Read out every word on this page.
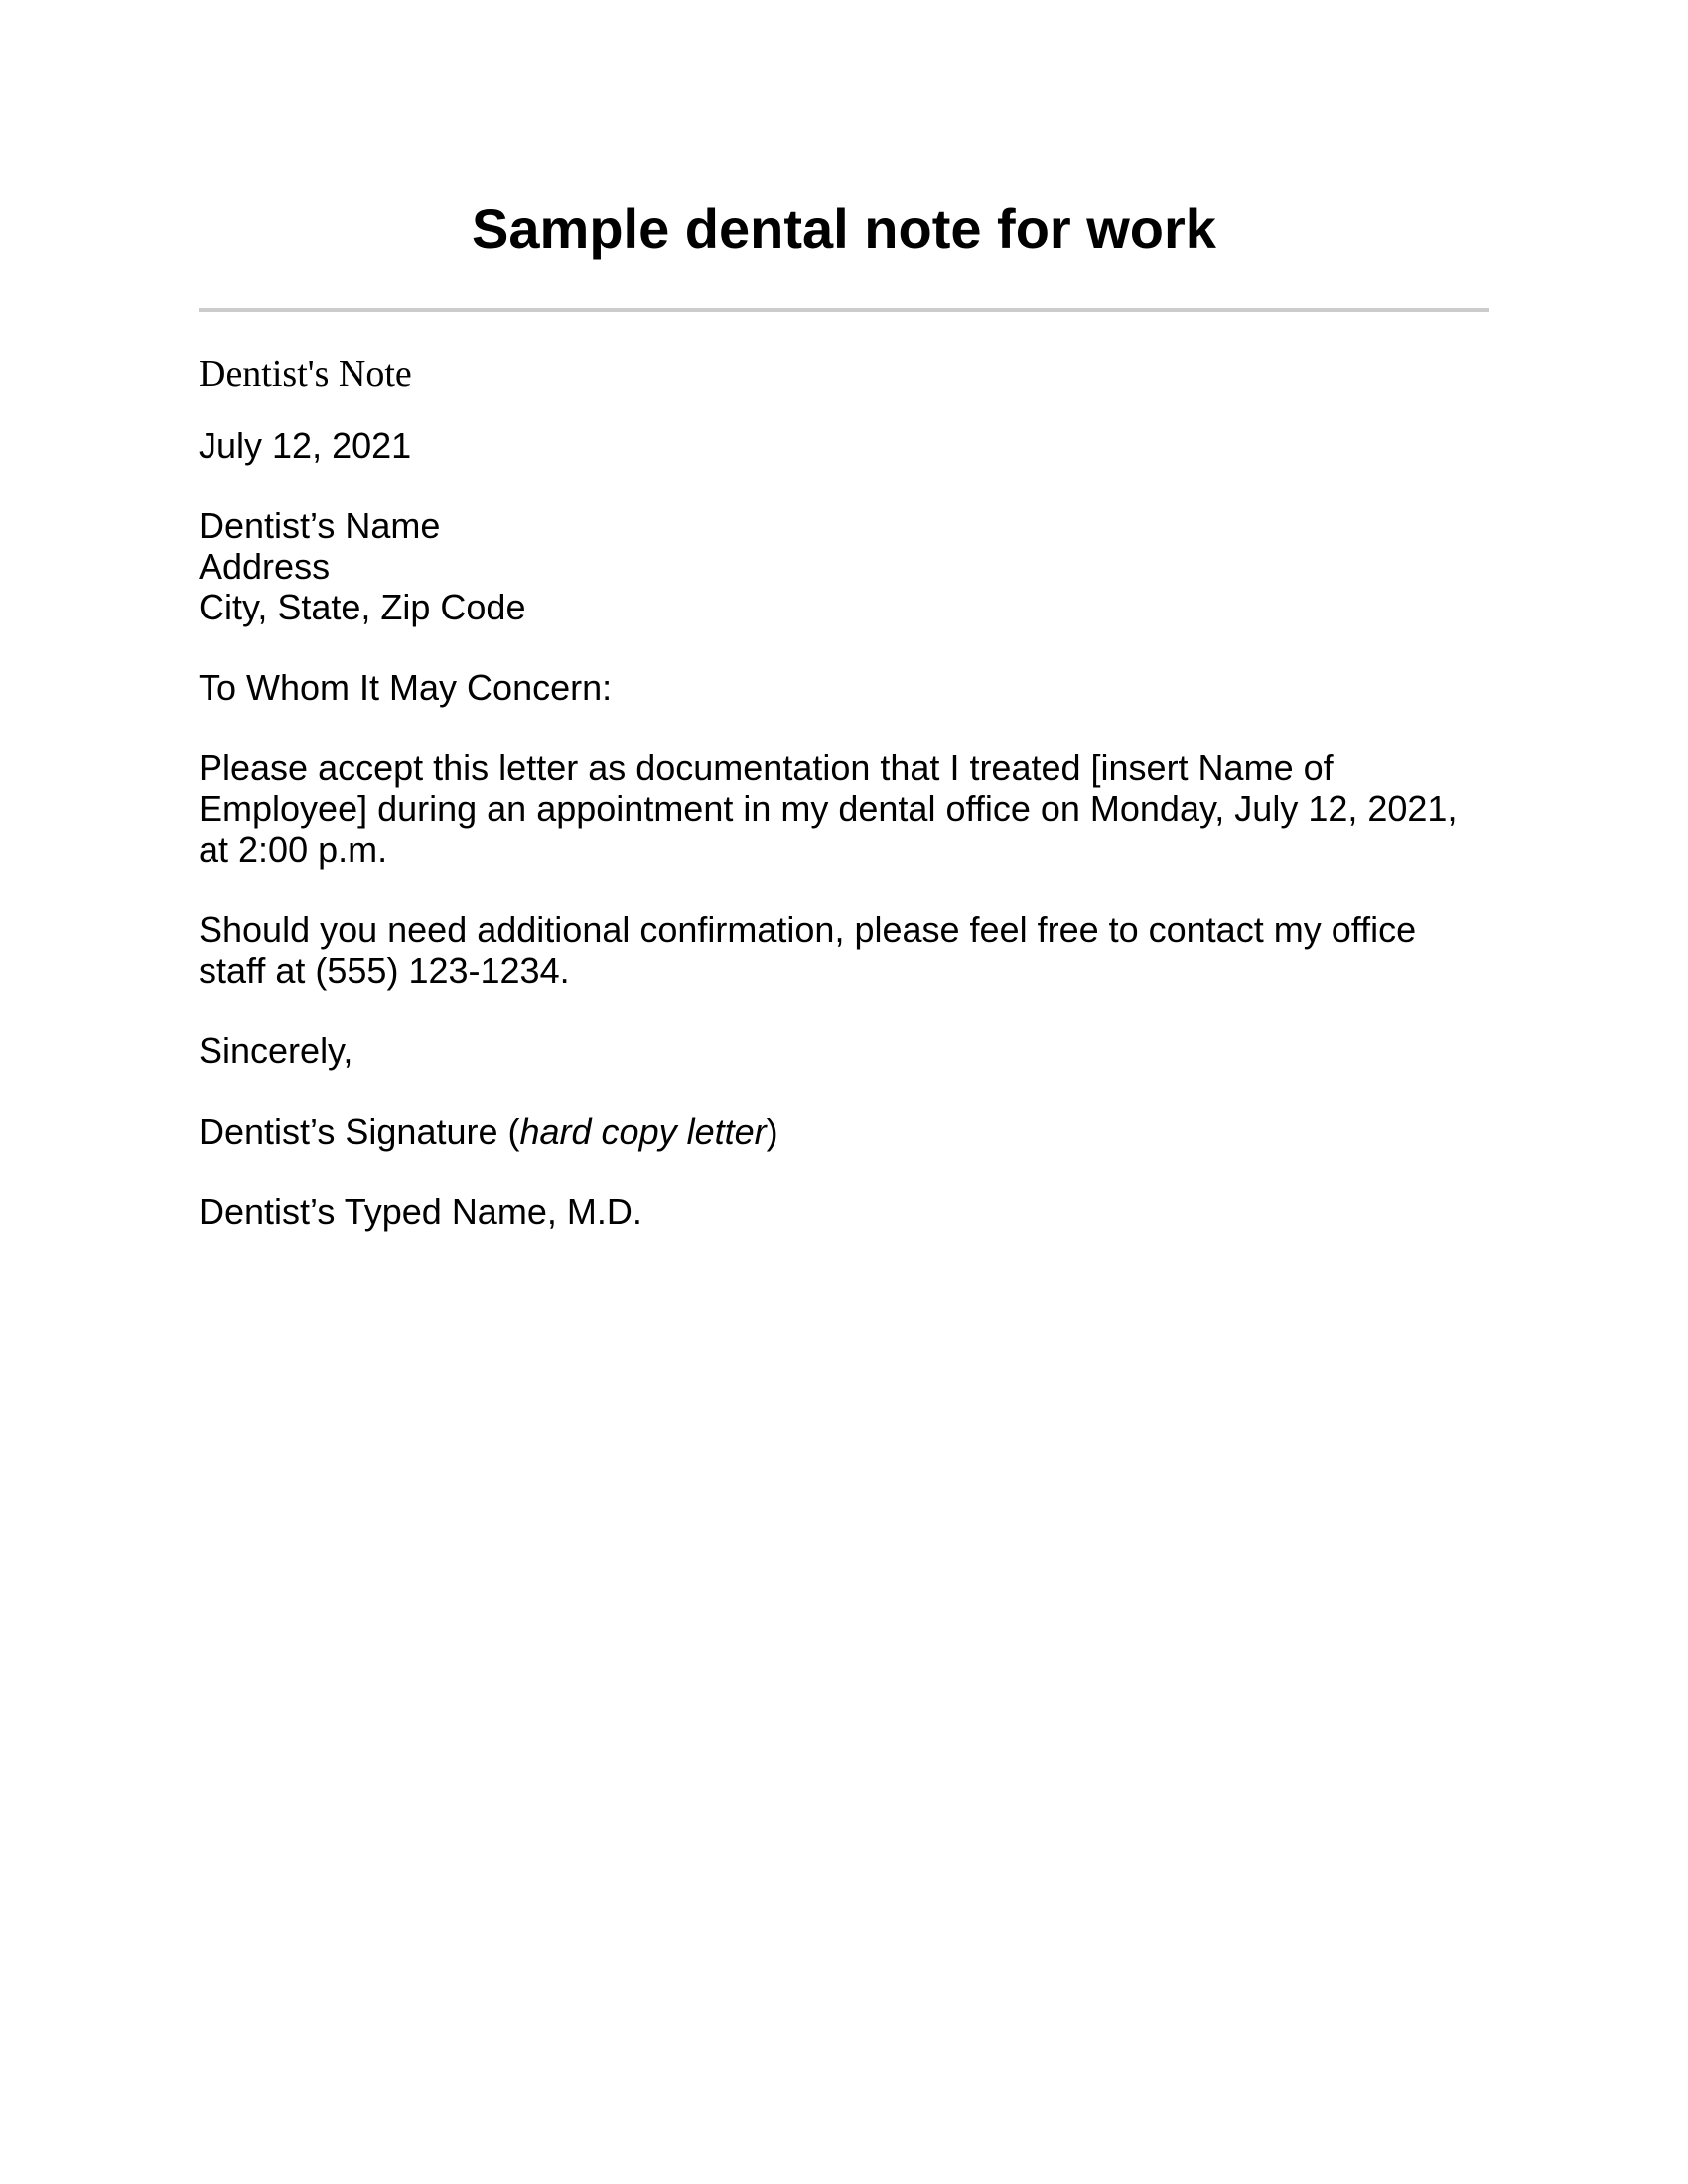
Sample dental note for work
Dentist's Note

July 12, 2021

Dentist’s Name
Address
City, State, Zip Code

To Whom It May Concern:

Please accept this letter as documentation that I treated [insert Name of Employee] during an appointment in my dental office on Monday, July 12, 2021, at 2:00 p.m.

Should you need additional confirmation, please feel free to contact my office staff at (555) 123-1234.

Sincerely,

Dentist’s Signature (hard copy letter)

Dentist’s Typed Name, M.D.
